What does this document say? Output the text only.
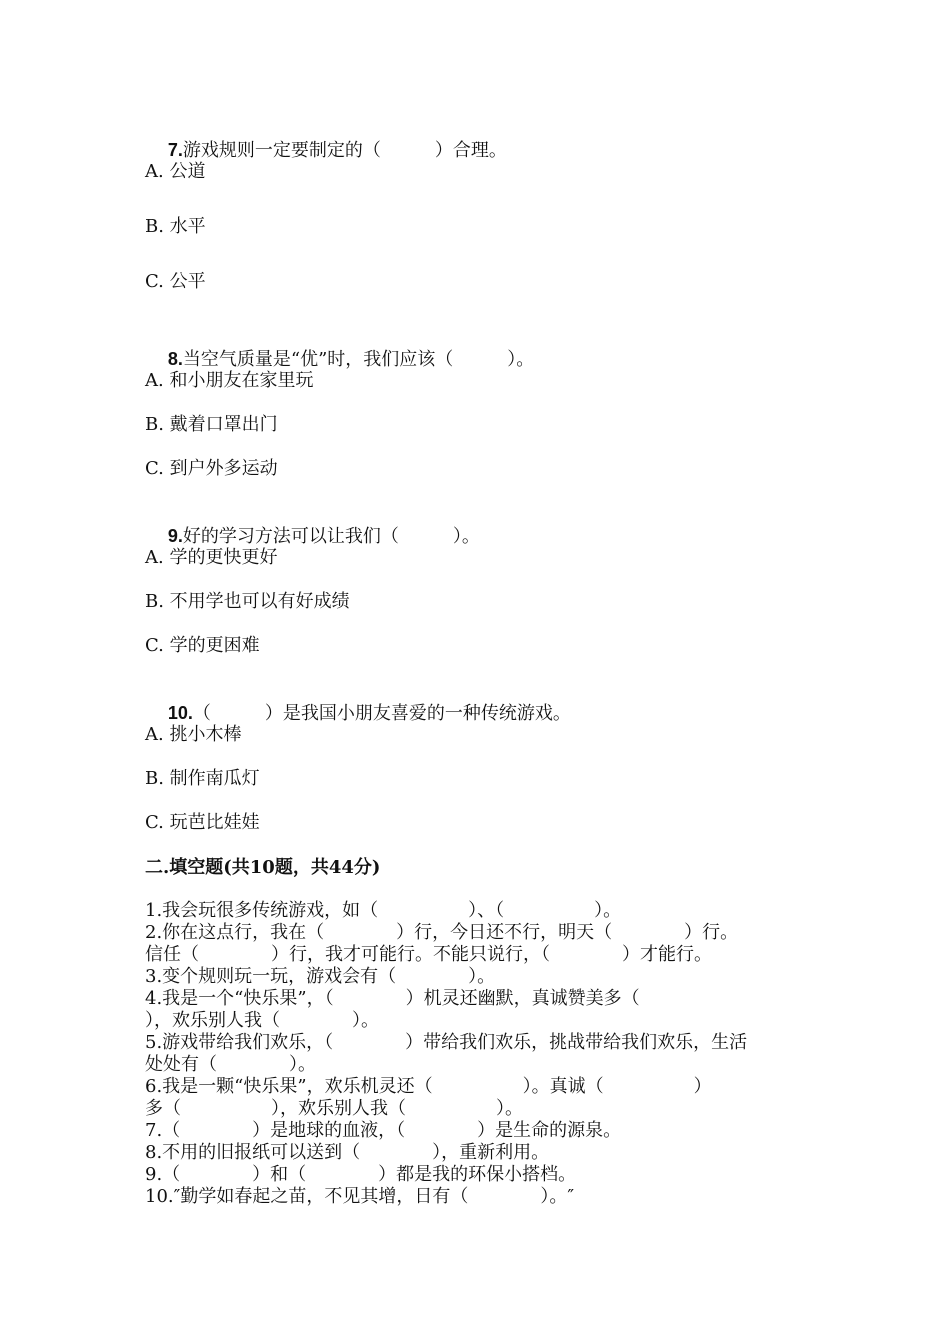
7.游戏规则一定要制定的（　　　）合理。

A. 公道
B. 水平
C. 公平

8.当空气质量是“优”时，我们应该（　　　）。

A. 和小朋友在家里玩
B. 戴着口罩出门
C. 到户外多运动

9.好的学习方法可以让我们（　　　）。

A. 学的更快更好
B. 不用学也可以有好成绩
C. 学的更困难

10.（　　　）是我国小朋友喜爱的一种传统游戏。

A. 挑小木棒
B. 制作南瓜灯
C. 玩芭比娃娃
二.填空题(共10题，共44分)
1.我会玩很多传统游戏，如（　　　　　）、（　　　　　）。
2.你在这点行，我在（　　　　）行，今日还不行，明天（　　　　）行。
信任（　　　　）行，我才可能行。不能只说行，（　　　　）才能行。
3.变个规则玩一玩，游戏会有（　　　　）。
4.我是一个“快乐果”，（　　　　）机灵还幽默，真诚赞美多（
），欢乐别人我（　　　　）。
5.游戏带给我们欢乐，（　　　　）带给我们欢乐，挑战带给我们欢乐，生活
处处有（　　　　）。
6.我是一颗“快乐果”，欢乐机灵还（　　　　　）。真诚（　　　　　）
多（　　　　　），欢乐别人我（　　　　　）。
7.（　　　　）是地球的血液，（　　　　）是生命的源泉。
8.不用的旧报纸可以送到（　　　　），重新利用。
9.（　　　　）和（　　　　）都是我的环保小搭档。
10.″勤学如春起之苗，不见其增，日有（　　　　）。″
